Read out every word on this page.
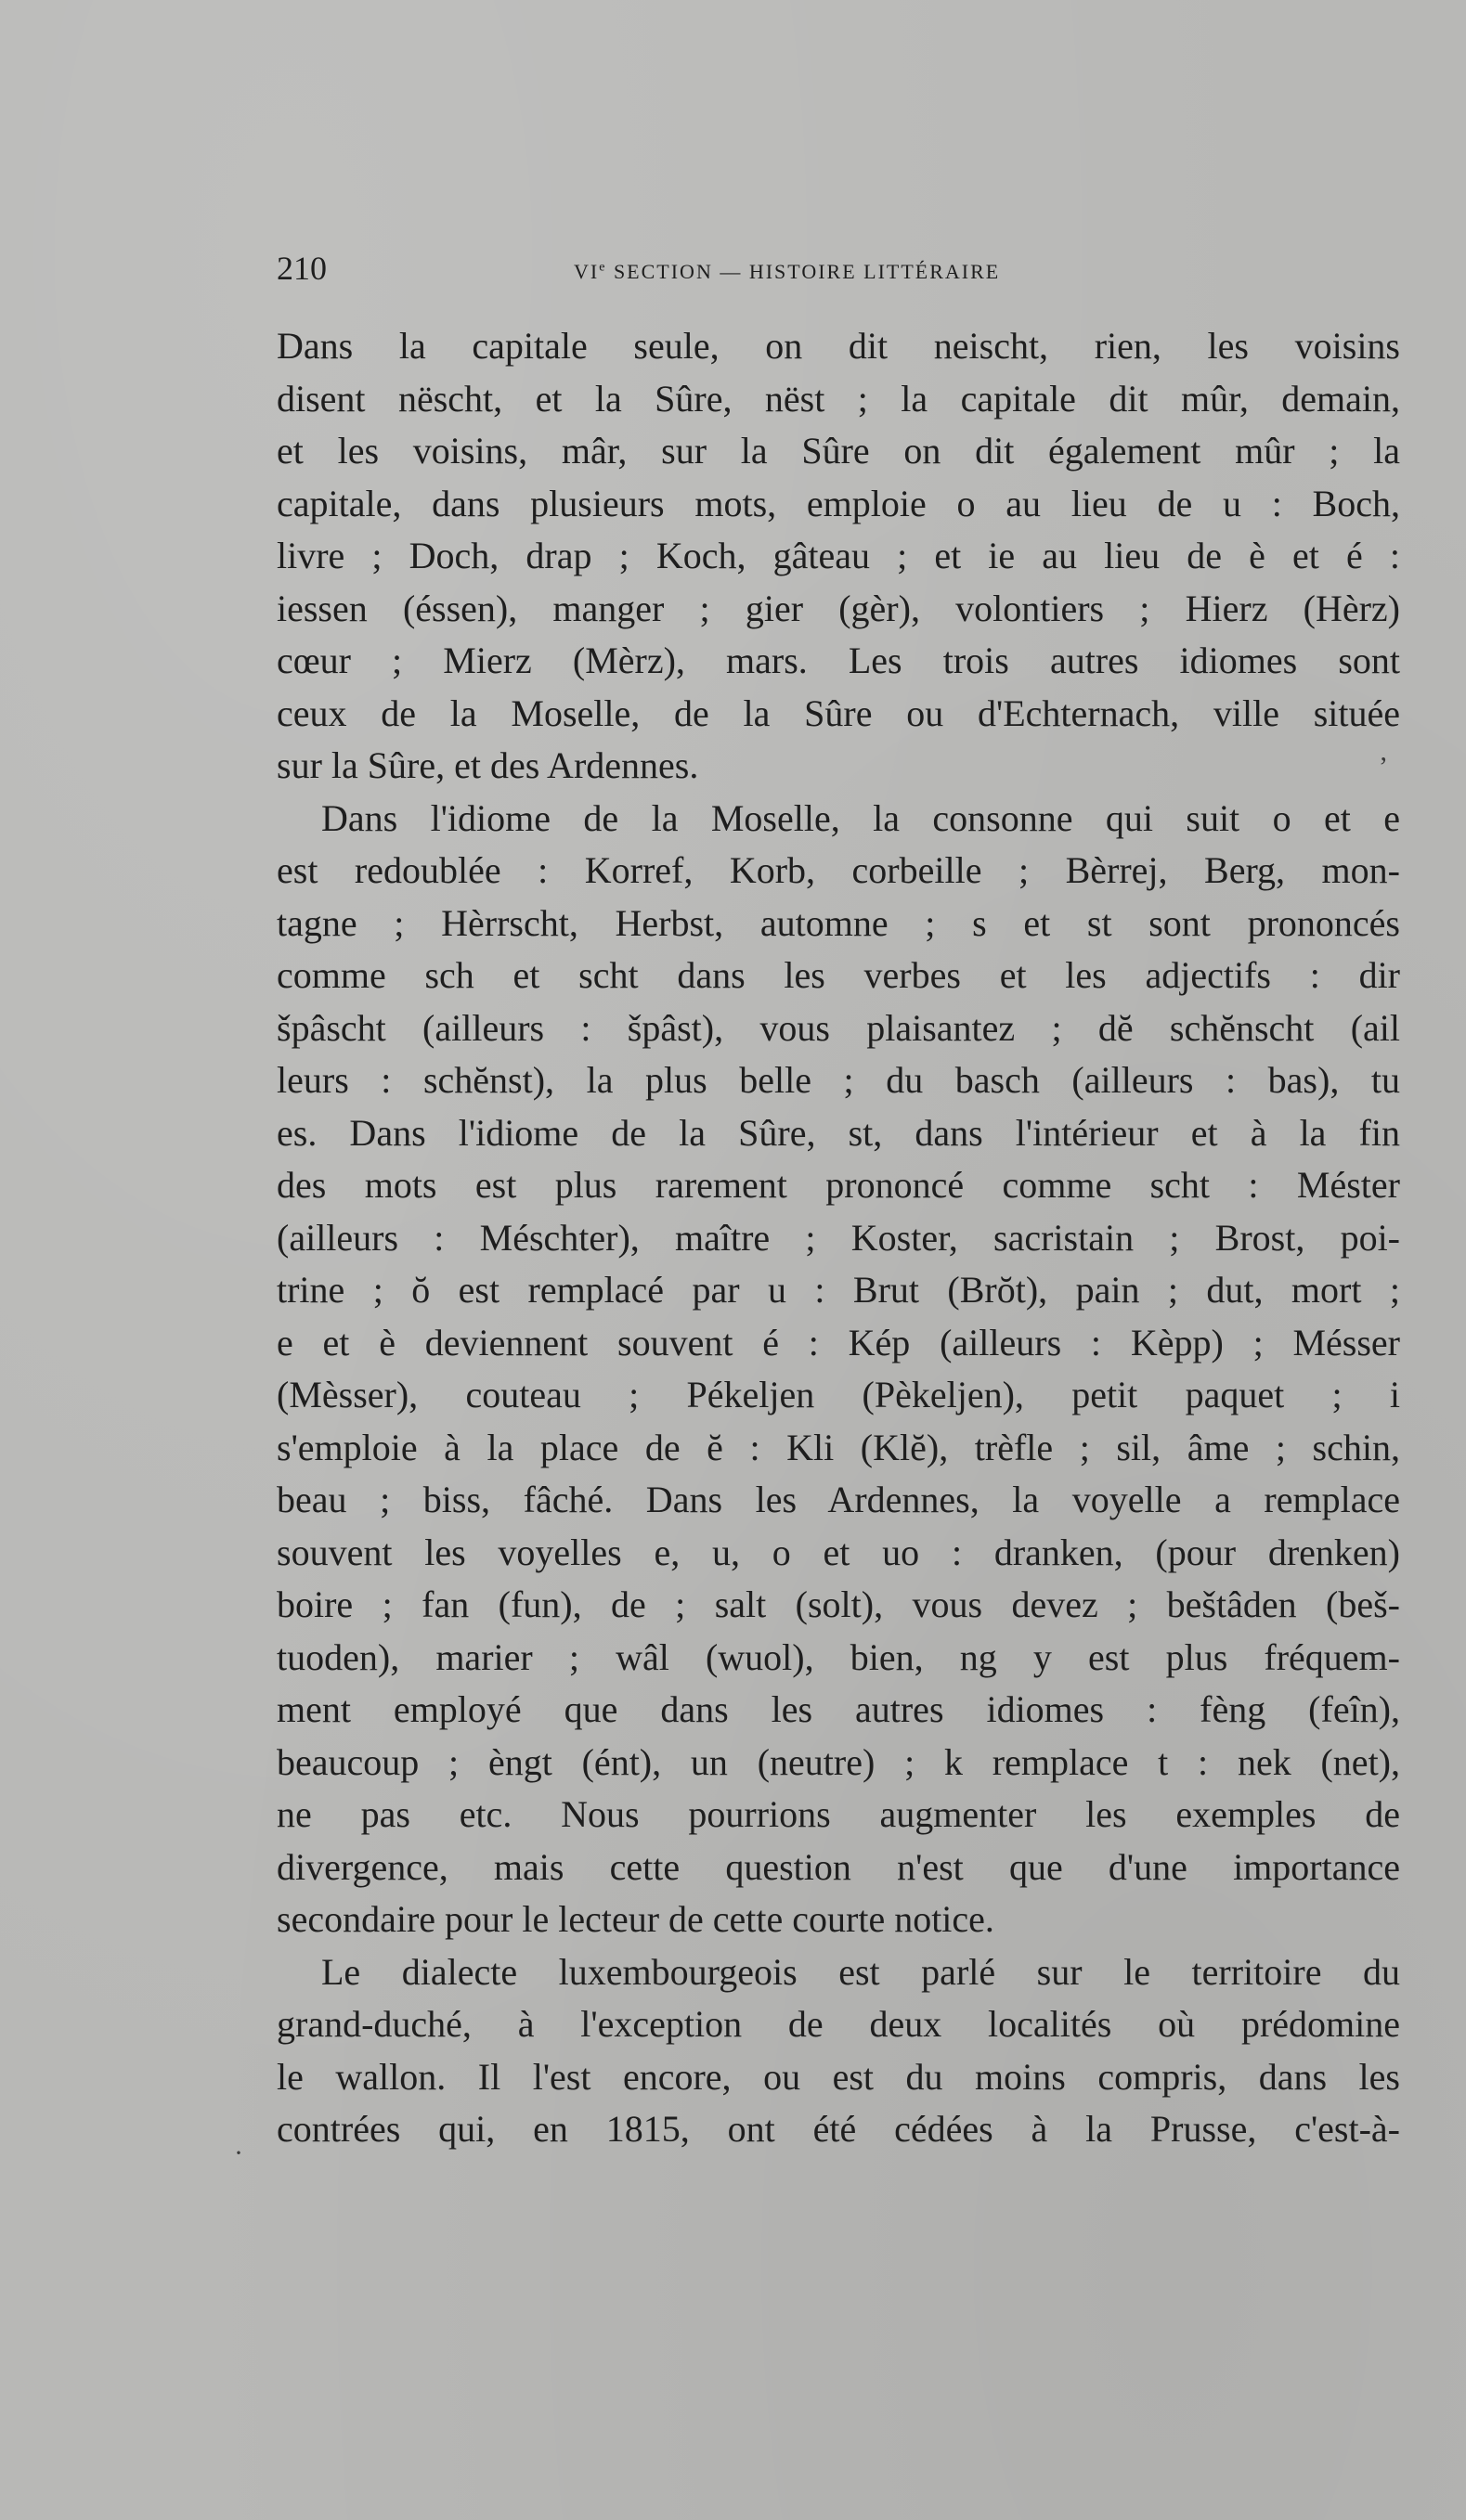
210	VIe SECTION — HISTOIRE LITTÉRAIRE
Dans la capitale seule, on dit neischt, rien, les voisins
disent nëscht, et la Sûre, nëst ; la capitale dit mûr, demain,
et les voisins, mâr, sur la Sûre on dit également mûr ; la
capitale, dans plusieurs mots, emploie o au lieu de u : Boch,
livre ; Doch, drap ; Koch, gâteau ; et ie au lieu de è et é :
iessen (éssen), manger ; gier (gèr), volontiers ; Hierz (Hèrz)
cœur ; Mierz (Mèrz), mars. Les trois autres idiomes sont
ceux de la Moselle, de la Sûre ou d'Echternach, ville située
sur la Sûre, et des Ardennes.
Dans l'idiome de la Moselle, la consonne qui suit o et e
est redoublée : Korref, Korb, corbeille ; Bèrrej, Berg, mon-
tagne ; Hèrrscht, Herbst, automne ; s et st sont prononcés
comme sch et scht dans les verbes et les adjectifs : dir
špâscht (ailleurs : špâst), vous plaisantez ; dĕ schĕnscht (ail
leurs : schĕnst), la plus belle ; du basch (ailleurs : bas), tu
es. Dans l'idiome de la Sûre, st, dans l'intérieur et à la fin
des mots est plus rarement prononcé comme scht : Méster
(ailleurs : Méschter), maître ; Koster, sacristain ; Brost, poi-
trine ; ŏ est remplacé par u : Brut (Brŏt), pain ; dut, mort ;
e et è deviennent souvent é : Kép (ailleurs : Kèpp) ; Mésser
(Mèsser), couteau ; Pékeljen (Pèkeljen), petit paquet ; i
s'emploie à la place de ĕ : Kli (Klĕ), trèfle ; sil, âme ; schin,
beau ; biss, fâché. Dans les Ardennes, la voyelle a remplace
souvent les voyelles e, u, o et uo : dranken, (pour drenken)
boire ; fan (fun), de ; salt (solt), vous devez ; beštâden (beš-
tuoden), marier ; wâl (wuol), bien, ng y est plus fréquem-
ment employé que dans les autres idiomes : fèng (feîn),
beaucoup ; èngt (ént), un (neutre) ; k remplace t : nek (net),
ne pas etc. Nous pourrions augmenter les exemples de
divergence, mais cette question n'est que d'une importance
secondaire pour le lecteur de cette courte notice.
Le dialecte luxembourgeois est parlé sur le territoire du
grand-duché, à l'exception de deux localités où prédomine
le wallon. Il l'est encore, ou est du moins compris, dans les
contrées qui, en 1815, ont été cédées à la Prusse, c'est-à-
·
ʼ
